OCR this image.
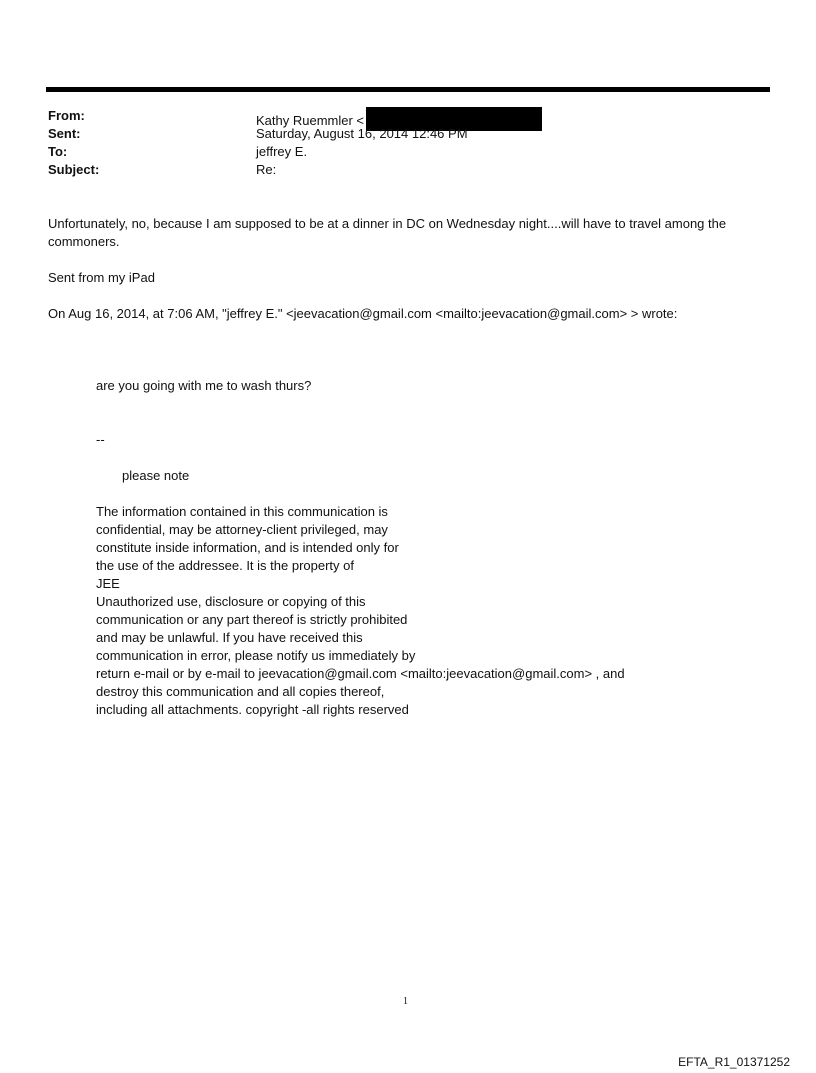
From:	Kathy Ruemmler <
Sent:	Saturday, August 16, 2014 12:46 PM
To:	jeffrey E.
Subject:	Re:
Unfortunately, no, because I am supposed to be at a dinner in DC on Wednesday night....will have to travel among the
commoners.
Sent from my iPad
On Aug 16, 2014, at 7:06 AM, "jeffrey E." <jeevacation@gmail.com <mailto:jeevacation@gmail.com> > wrote:
are you going with me to wash thurs?
--
please note
The information contained in this communication is
confidential, may be attorney-client privileged, may
constitute inside information, and is intended only for
the use of the addressee. It is the property of
JEE
Unauthorized use, disclosure or copying of this
communication or any part thereof is strictly prohibited
and may be unlawful. If you have received this
communication in error, please notify us immediately by
return e-mail or by e-mail to jeevacation@gmail.com <mailto:jeevacation@gmail.com> , and
destroy this communication and all copies thereof,
including all attachments. copyright -all rights reserved
1
EFTA_R1_01371252
